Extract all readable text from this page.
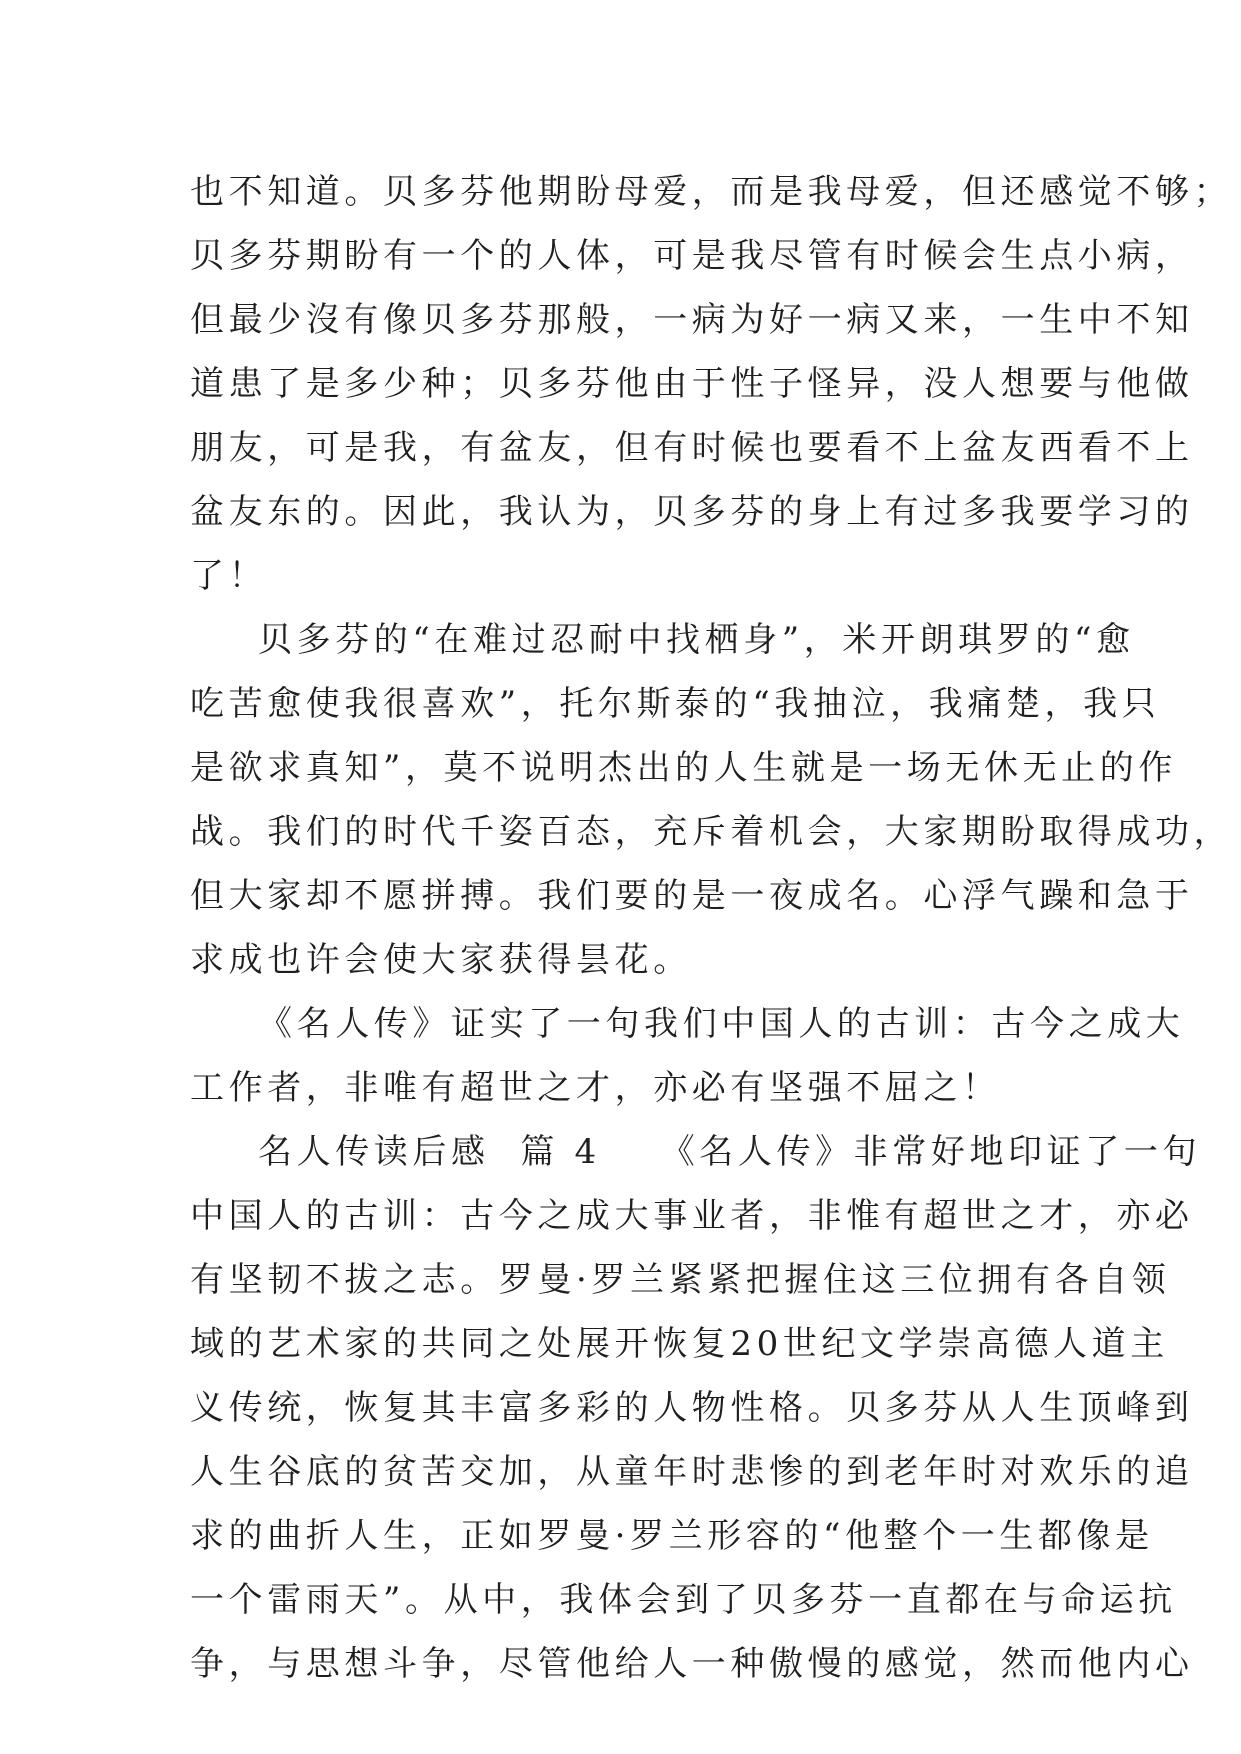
也不知道。贝多芬他期盼母爱，而是我母爱，但还感觉不够；
贝多芬期盼有一个的人体，可是我尽管有时候会生点小病，
但最少沒有像贝多芬那般，一病为好一病又来，一生中不知
道患了是多少种；贝多芬他由于性子怪异，没人想要与他做
朋友，可是我，有盆友，但有时候也要看不上盆友西看不上
盆友东的。因此，我认为，贝多芬的身上有过多我要学习的
了！
贝多芬的“在难过忍耐中找栖身”，米开朗琪罗的“愈
吃苦愈使我很喜欢”，托尔斯泰的“我抽泣，我痛楚，我只
是欲求真知”，莫不说明杰出的人生就是一场无休无止的作
战。我们的时代千姿百态，充斥着机会，大家期盼取得成功，
但大家却不愿拼搏。我们要的是一夜成名。心浮气躁和急于
求成也许会使大家获得昙花。
《名人传》证实了一句我们中国人的古训：古今之成大
工作者，非唯有超世之才，亦必有坚强不屈之！
名人传读后感 篇 4 《名人传》非常好地印证了一句
中国人的古训：古今之成大事业者，非惟有超世之才，亦必
有坚韧不拔之志。罗曼·罗兰紧紧把握住这三位拥有各自领
域的艺术家的共同之处展开恢复20世纪文学崇高德人道主
义传统，恢复其丰富多彩的人物性格。贝多芬从人生顶峰到
人生谷底的贫苦交加，从童年时悲惨的到老年时对欢乐的追
求的曲折人生，正如罗曼·罗兰形容的“他整个一生都像是
一个雷雨天”。从中，我体会到了贝多芬一直都在与命运抗
争，与思想斗争，尽管他给人一种傲慢的感觉，然而他内心
